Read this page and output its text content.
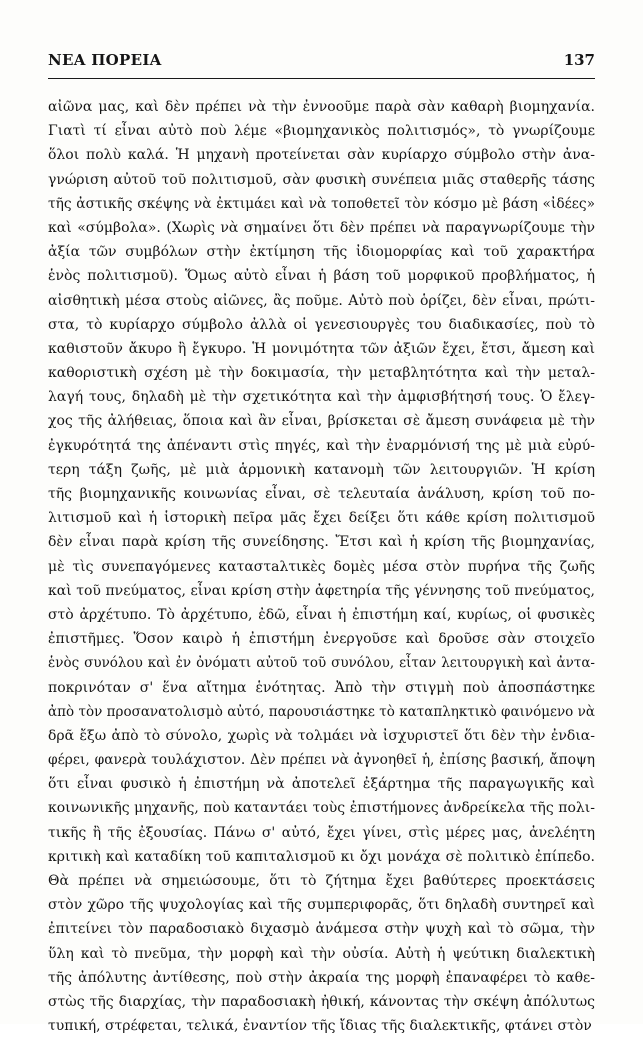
ΝΕΑ ΠΟΡΕΙΑ	137
αἰῶνα μας, καὶ δὲν πρέπει νὰ τὴν ἐννοοῦμε παρὰ σὰν καθαρὴ βιομηχανία.
Γιατὶ τί εἶναι αὐτὸ ποὺ λέμε «βιομηχανικὸς πολιτισμός», τὸ γνωρίζουμε
ὅλοι πολὺ καλά. Ἡ μηχανὴ προτείνεται σὰν κυρίαρχο σύμβολο στὴν ἀνα-
γνώριση αὐτοῦ τοῦ πολιτισμοῦ, σὰν φυσικὴ συνέπεια μιᾶς σταθερῆς τάσης
τῆς ἀστικῆς σκέψης νὰ ἐκτιμάει καὶ νὰ τοποθετεῖ τὸν κόσμο μὲ βάση «ἰδέες»
καὶ «σύμβολα». (Χωρὶς νὰ σημαίνει ὅτι δὲν πρέπει νὰ παραγνωρίζουμε τὴν
ἀξία τῶν συμβόλων στὴν ἐκτίμηση τῆς ἰδιομορφίας καὶ τοῦ χαρακτήρα
ἑνὸς πολιτισμοῦ). Ὅμως αὐτὸ εἶναι ἡ βάση τοῦ μορφικοῦ προβλήματος, ἡ
αἰσθητικὴ μέσα στοὺς αἰῶνες, ἂς ποῦμε. Αὐτὸ ποὺ ὁρίζει, δὲν εἶναι, πρώτι-
στα, τὸ κυρίαρχο σύμβολο ἀλλὰ οἱ γενεσιουργὲς του διαδικασίες, ποὺ τὸ
καθιστοῦν ἄκυρο ἢ ἔγκυρο. Ἡ μονιμότητα τῶν ἀξιῶν ἔχει, ἔτσι, ἄμεση καὶ
καθοριστικὴ σχέση μὲ τὴν δοκιμασία, τὴν μεταβλητότητα καὶ τὴν μεταλ-
λαγή τους, δηλαδὴ μὲ τὴν σχετικότητα καὶ τὴν ἀμφισβήτησή τους. Ὁ ἔλεγ-
χος τῆς ἀλήθειας, ὅποια καὶ ἂν εἶναι, βρίσκεται σὲ ἄμεση συνάφεια μὲ τὴν
ἐγκυρότητά της ἀπέναντι στὶς πηγές, καὶ τὴν ἐναρμόνισή της μὲ μιὰ εὐρύ-
τερη τάξη ζωῆς, μὲ μιὰ ἁρμονικὴ κατανομὴ τῶν λειτουργιῶν. Ἡ κρίση
τῆς βιομηχανικῆς κοινωνίας εἶναι, σὲ τελευταία ἀνάλυση, κρίση τοῦ πο-
λιτισμοῦ καὶ ἡ ἱστορικὴ πεῖρα μᾶς ἔχει δείξει ὅτι κάθε κρίση πολιτισμοῦ
δὲν εἶναι παρὰ κρίση τῆς συνείδησης. Ἔτσι καὶ ἡ κρίση τῆς βιομηχανίας,
μὲ τὶς συνεπαγόμενες καταστaλτικὲς δομὲς μέσα στὸν πυρήνα τῆς ζωῆς
καὶ τοῦ πνεύματος, εἶναι κρίση στὴν ἀφετηρία τῆς γέννησης τοῦ πνεύματος,
στὸ ἀρχέτυπο. Τὸ ἀρχέτυπο, ἐδῶ, εἶναι ἡ ἐπιστήμη καί, κυρίως, οἱ φυσικὲς
ἐπιστῆμες. Ὅσον καιρὸ ἡ ἐπιστήμη ἐνεργοῦσε καὶ δροῦσε σὰν στοιχεῖο
ἑνὸς συνόλου καὶ ἐν ὀνόματι αὐτοῦ τοῦ συνόλου, εἶταν λειτουργικὴ καὶ ἀντα-
ποκρινόταν σ' ἕνα αἴτημα ἑνότητας. Ἀπὸ τὴν στιγμὴ ποὺ ἀποσπάστηκε
ἀπὸ τὸν προσανατολισμὸ αὐτό, παρουσιάστηκε τὸ καταπληκτικὸ φαινόμενο νὰ
δρᾶ ἔξω ἀπὸ τὸ σύνολο, χωρὶς νὰ τολμάει νὰ ἰσχυριστεῖ ὅτι δὲν τὴν ἐνδια-
φέρει, φανερὰ τουλάχιστον. Δὲν πρέπει νὰ ἀγνοηθεῖ ἡ, ἐπίσης βασική, ἄποψη
ὅτι εἶναι φυσικὸ ἡ ἐπιστήμη νὰ ἀποτελεῖ ἐξάρτημα τῆς παραγωγικῆς καὶ
κοινωνικῆς μηχανῆς, ποὺ καταντάει τοὺς ἐπιστήμονες ἀνδρείκελα τῆς πολι-
τικῆς ἢ τῆς ἐξουσίας. Πάνω σ' αὐτό, ἔχει γίνει, στὶς μέρες μας, ἀνελέητη
κριτικὴ καὶ καταδίκη τοῦ καπιταλισμοῦ κι ὄχι μονάχα σὲ πολιτικὸ ἐπίπεδο.
Θὰ πρέπει νὰ σημειώσουμε, ὅτι τὸ ζήτημα ἔχει βαθύτερες προεκτάσεις
στὸν χῶρο τῆς ψυχολογίας καὶ τῆς συμπεριφορᾶς, ὅτι δηλαδὴ συντηρεῖ καὶ
ἐπιτείνει τὸν παραδοσιακὸ διχασμὸ ἀνάμεσα στὴν ψυχὴ καὶ τὸ σῶμα, τὴν
ὕλη καὶ τὸ πνεῦμα, τὴν μορφὴ καὶ τὴν οὐσία. Αὐτὴ ἡ ψεύτικη διαλεκτικὴ
τῆς ἀπόλυτης ἀντίθεσης, ποὺ στὴν ἀκραία της μορφὴ ἐπαναφέρει τὸ καθε-
στὼς τῆς διαρχίας, τὴν παραδοσιακὴ ἠθική, κάνοντας τὴν σκέψη ἀπόλυτως
τυπική, στρέφεται, τελικά, ἐναντίον τῆς ἴδιας τῆς διαλεκτικῆς, φτάνει στὸν
